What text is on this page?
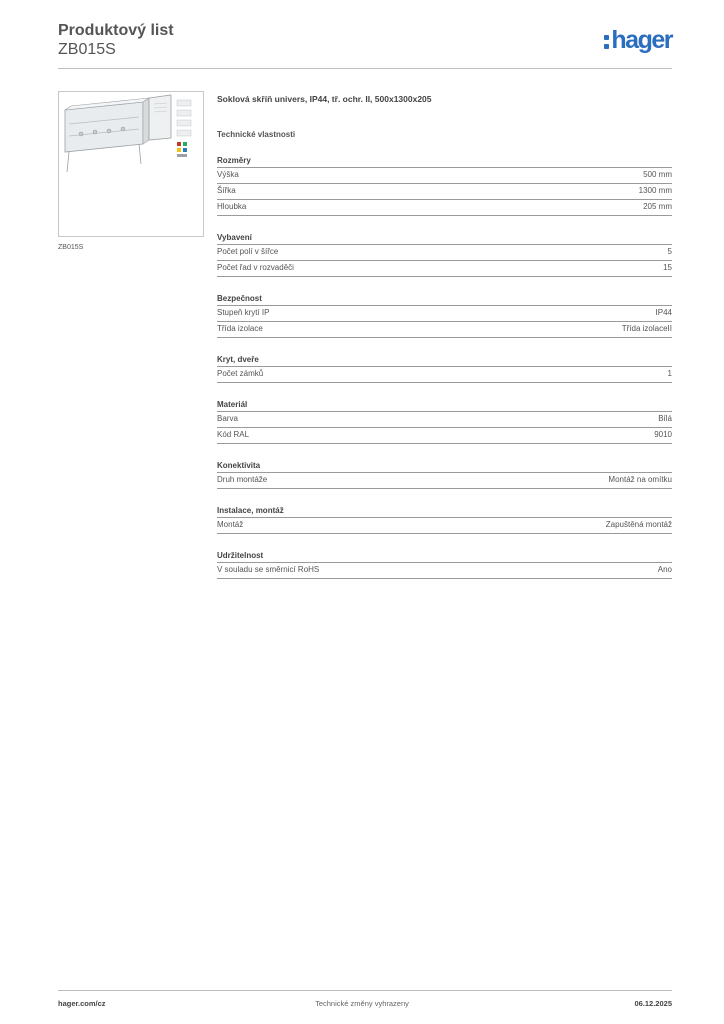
Produktový list
ZB015S	hager
ZB015S
Soklová skříň univers, IP44, tř. ochr. II, 500x1300x205
Technické vlastnosti
Rozměry
Výška	500 mm
Šířka	1300 mm
Hloubka	205 mm
Vybavení
Počet polí v šířce	5
Počet řad v rozvaděči	15
Bezpečnost
Stupeň krytí IP	IP44
Třída izolace	Třída izolaceII
Kryt, dveře
Počet zámků	1
Materiál
Barva	Bílá
Kód RAL	9010
Konektivita
Druh montáže	Montáž na omítku
Instalace, montáž
Montáž	Zapuštěná montáž
Udržitelnost
V souladu se směrnicí RoHS	Ano
hager.com/cz	Technické změny vyhrazeny	06.12.2025
